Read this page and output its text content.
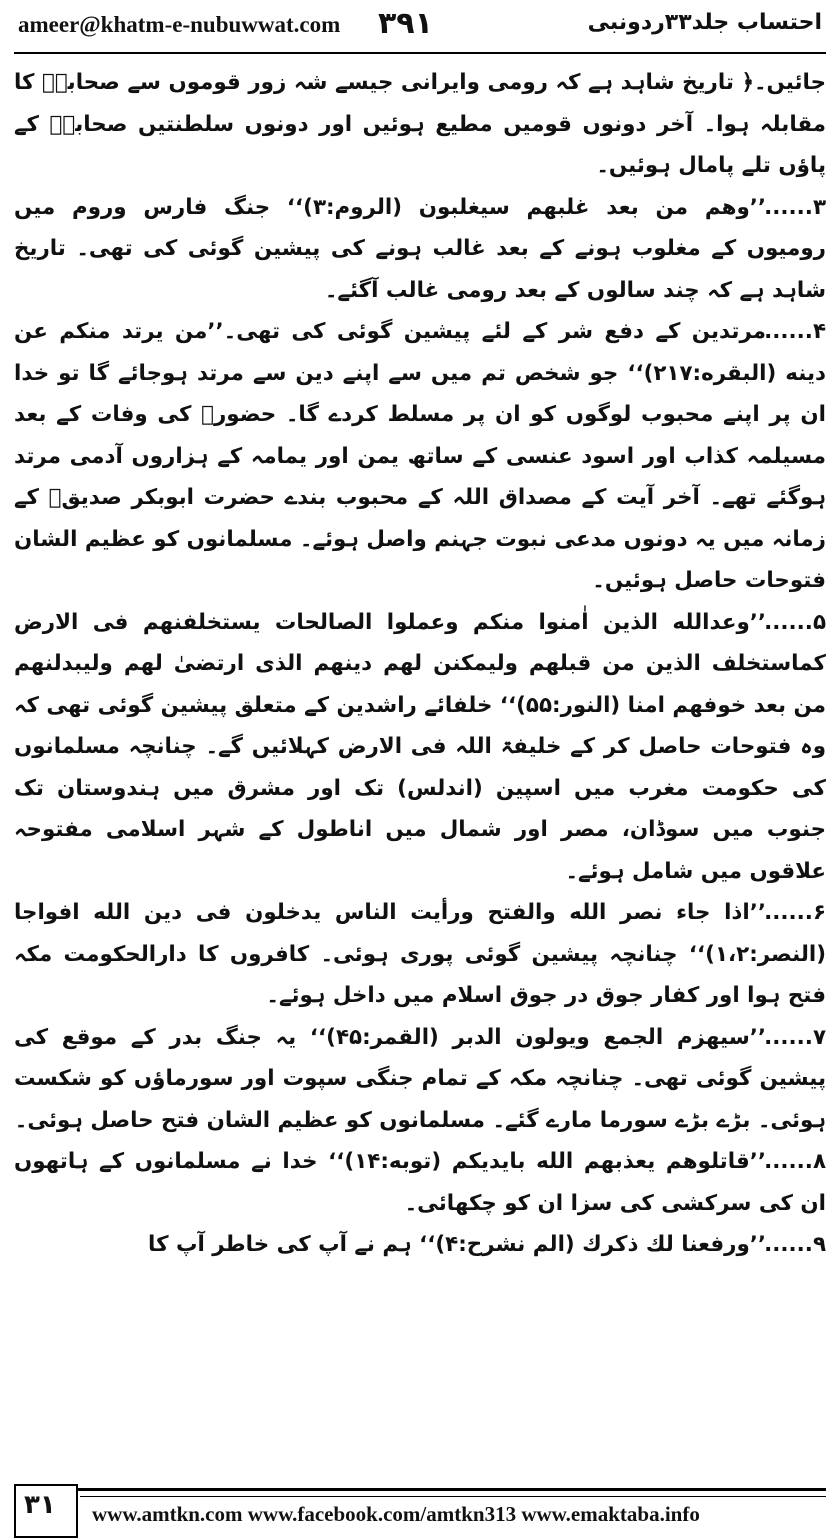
ameer@khatm-e-nubuwwat.com ۳۹۱	احتساب جلد۳۳ردونبی

جائیں۔﴿ تاریخ شاہد ہے کہ رومی وایرانی جیسے شہ زور قوموں سے صحابہؓ کا مقابلہ ہوا۔ آخر دونوں قومیں مطیع ہوئیں اور دونوں سلطنتیں صحابہؓ کے پاؤں تلے پامال ہوئیں۔

۳......’’وهم من بعد غلبهم سيغلبون (الروم:۳)‘‘ جنگ فارس وروم میں رومیوں کے مغلوب ہونے کے بعد غالب ہونے کی پیشین گوئی کی تھی۔ تاریخ شاہد ہے کہ چند سالوں کے بعد رومی غالب آگئے۔

۴......مرتدین کے دفع شر کے لئے پیشین گوئی کی تھی۔’’من يرتد منكم عن دينه (البقره:۲۱۷)‘‘ جو شخص تم میں سے اپنے دین سے مرتد ہوجائے گا تو خدا ان پر اپنے محبوب لوگوں کو ان پر مسلط کردے گا۔ حضورﷺ کی وفات کے بعد مسیلمہ کذاب اور اسود عنسی کے ساتھ یمن اور یمامہ کے ہزاروں آدمی مرتد ہوگئے تھے۔ آخر آیت کے مصداق اللہ کے محبوب بندے حضرت ابوبکر صدیقؓ کے زمانہ میں یہ دونوں مدعی نبوت جہنم واصل ہوئے۔ مسلمانوں کو عظیم الشان فتوحات حاصل ہوئیں۔

۵......’’وعدالله الذين اٰمنوا منكم وعملوا الصالحات يستخلفنهم فى الارض كماستخلف الذين من قبلهم وليمكنن لهم دينهم الذى ارتضىٰ لهم وليبدلنهم من بعد خوفهم امنا (النور:۵۵)‘‘ خلفائے راشدین کے متعلق پیشین گوئی تھی کہ وہ فتوحات حاصل کر کے خلیفۃ اللہ فی الارض کہلائیں گے۔ چنانچہ مسلمانوں کی حکومت مغرب میں اسپین (اندلس) تک اور مشرق میں ہندوستان تک جنوب میں سوڈان، مصر اور شمال میں اناطول کے شہر اسلامی مفتوحہ علاقوں میں شامل ہوئے۔

۶......’’اذا جاء نصر الله والفتح ورأيت الناس يدخلون فى دين الله افواجا (النصر:۱،۲)‘‘ چنانچہ پیشین گوئی پوری ہوئی۔ کافروں کا دارالحکومت مکہ فتح ہوا اور کفار جوق در جوق اسلام میں داخل ہوئے۔

۷......’’سيهزم الجمع ويولون الدبر (القمر:۴۵)‘‘ یہ جنگ بدر کے موقع کی پیشین گوئی تھی۔ چنانچہ مکہ کے تمام جنگی سپوت اور سورماؤں کو شکست ہوئی۔ بڑے بڑے سورما مارے گئے۔ مسلمانوں کو عظیم الشان فتح حاصل ہوئی۔

۸......’’قاتلوهم يعذبهم الله بايديكم (توبه:۱۴)‘‘ خدا نے مسلمانوں کے ہاتھوں ان کی سرکشی کی سزا ان کو چکھائی۔

۹......’’ورفعنا لك ذكرك (الم نشرح:۴)‘‘ ہم نے آپ کی خاطر آپ کا

۳۱ www.amtkn.com www.facebook.com/amtkn313 www.emaktaba.info
